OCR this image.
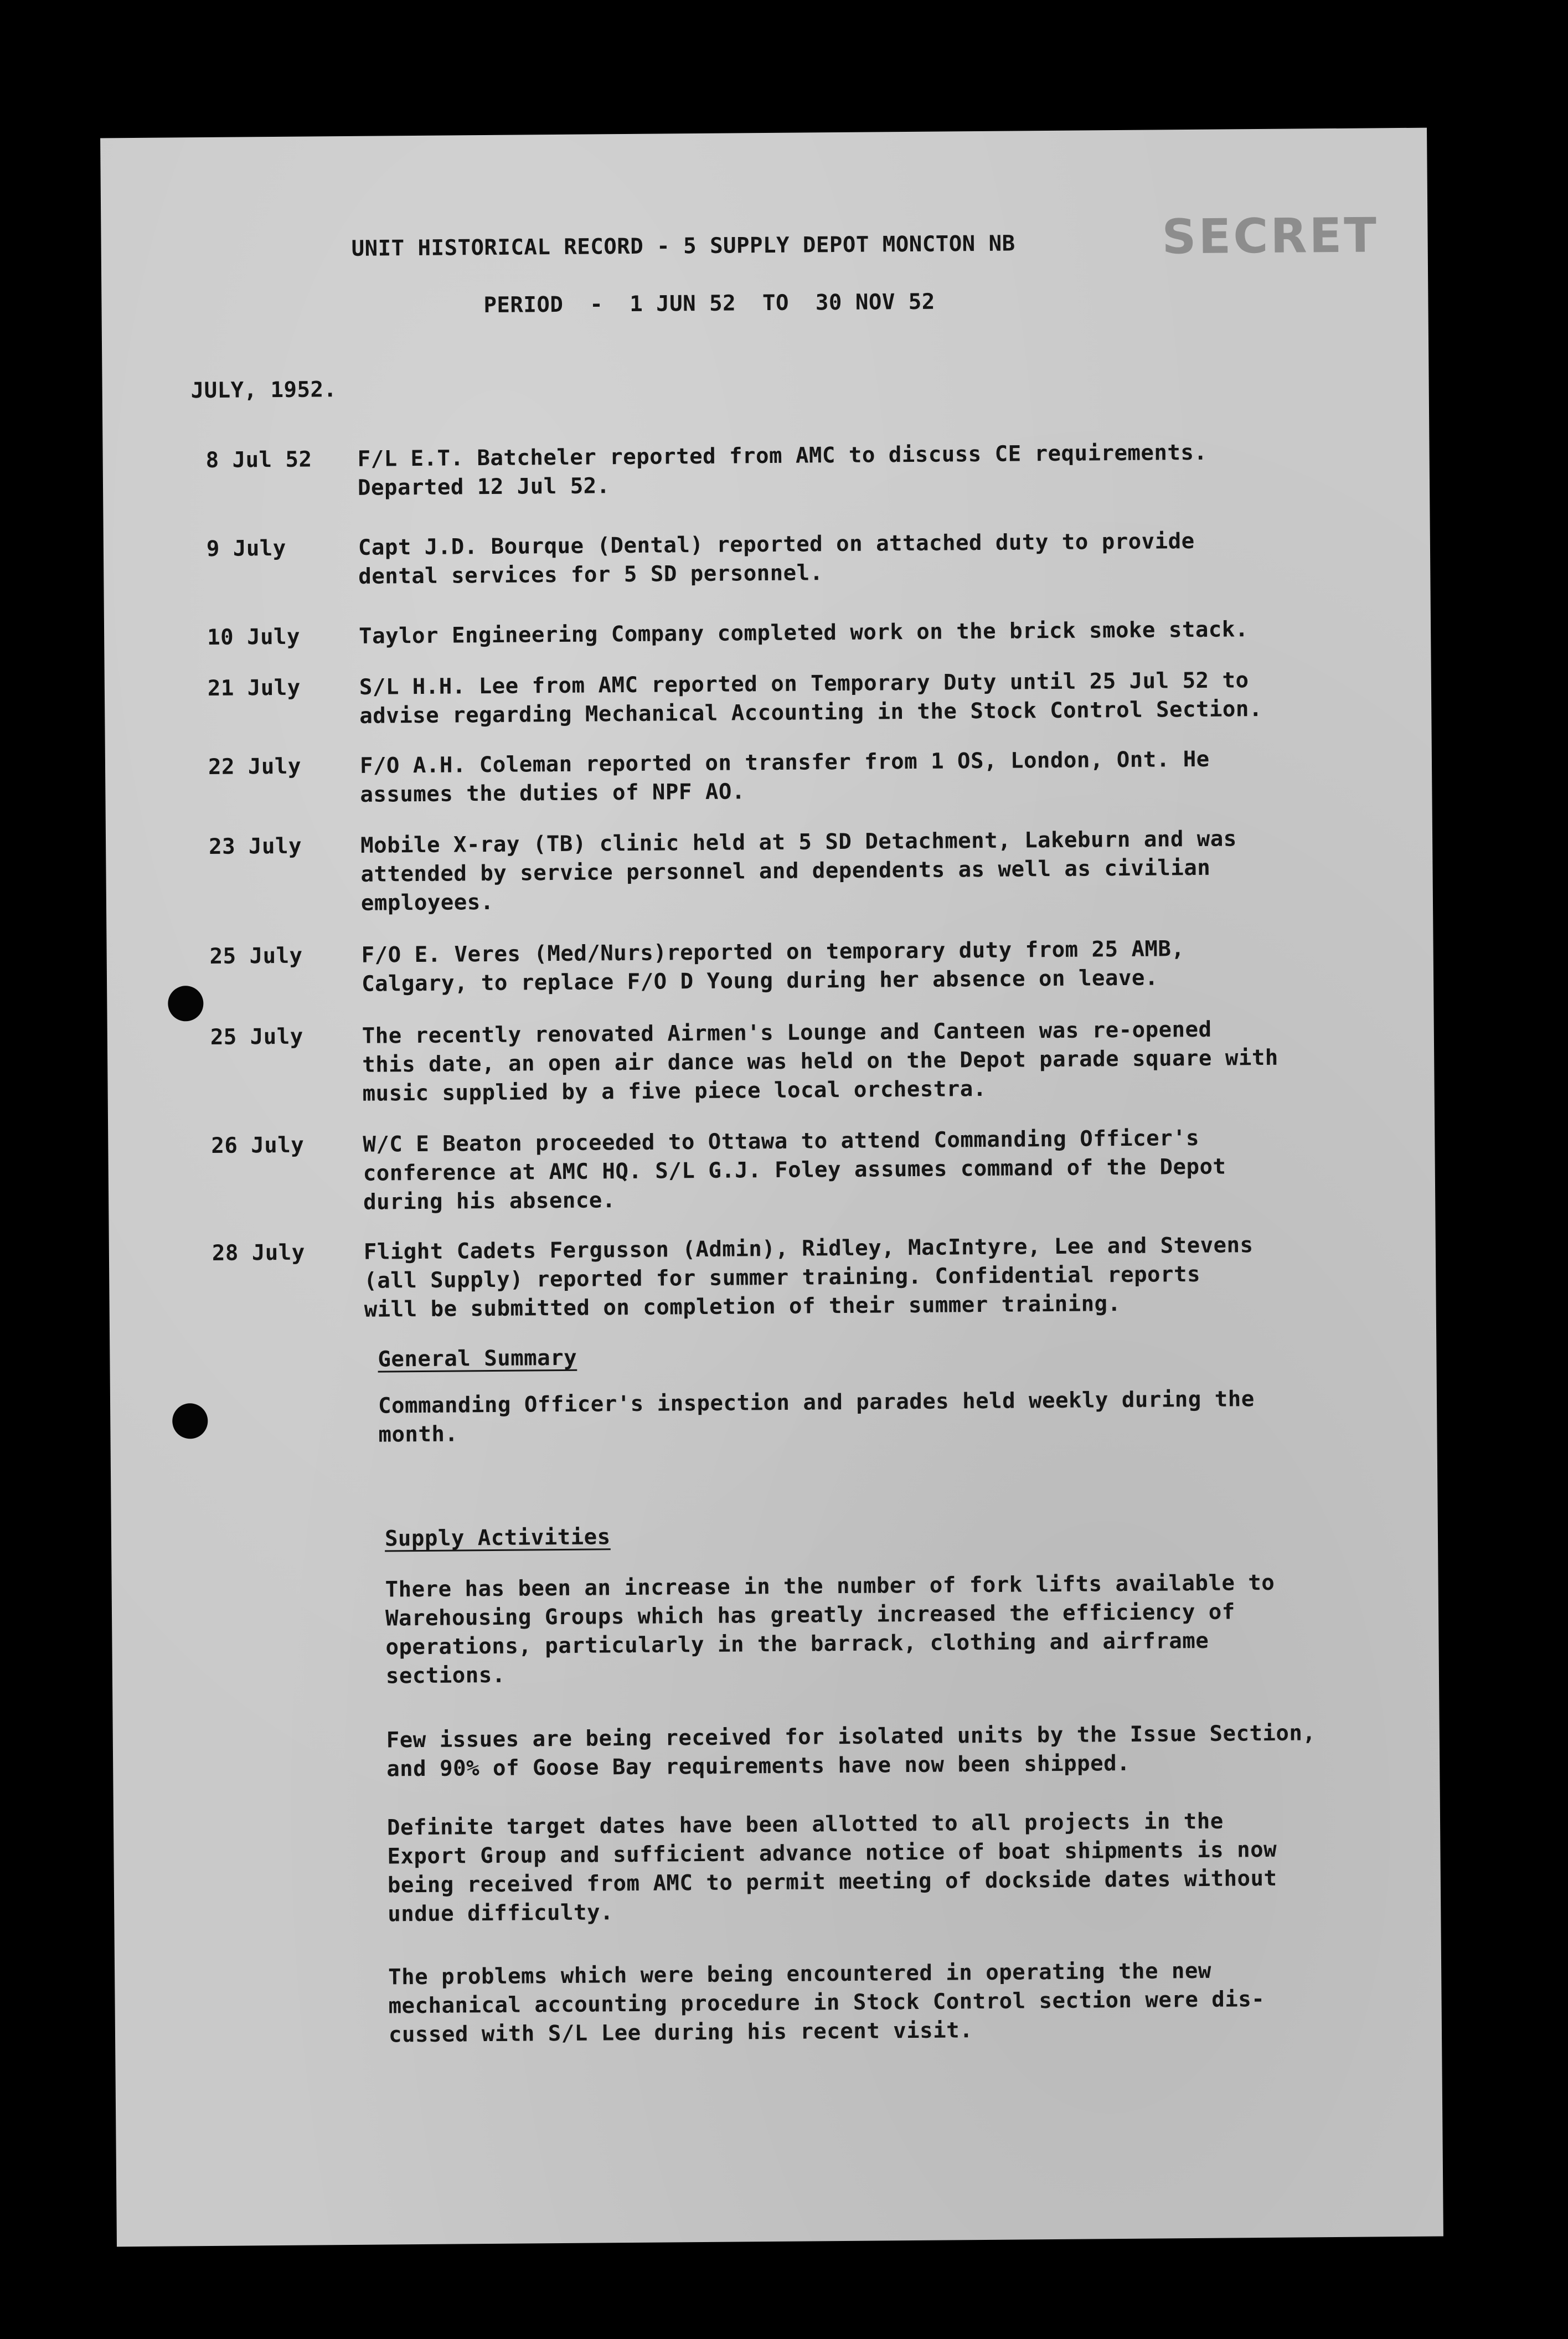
UNIT HISTORICAL RECORD - 5 SUPPLY DEPOT MONCTON NB	SECRET
PERIOD  -  1 JUN 52  TO  30 NOV 52
JULY, 1952.
8 Jul 52 F/L E.T. Batcheler reported from AMC to discuss CE requirements.
Departed 12 Jul 52.
9 July	Capt J.D. Bourque (Dental) reported on attached duty to provide
dental services for 5 SD personnel.
10 July	Taylor Engineering Company completed work on the brick smoke stack.
21 July	S/L H.H. Lee from AMC reported on Temporary Duty until 25 Jul 52 to
advise regarding Mechanical Accounting in the Stock Control Section.
22 July	F/O A.H. Coleman reported on transfer from 1 OS, London, Ont. He
assumes the duties of NPF AO.
23 July	Mobile X-ray (TB) clinic held at 5 SD Detachment, Lakeburn and was
attended by service personnel and dependents as well as civilian
employees.
25 July	F/O E. Veres (Med/Nurs)reported on temporary duty from 25 AMB,
Calgary, to replace F/O D Young during her absence on leave.
25 July	The recently renovated Airmen's Lounge and Canteen was re-opened
this date, an open air dance was held on the Depot parade square with
music supplied by a five piece local orchestra.
26 July	W/C E Beaton proceeded to Ottawa to attend Commanding Officer's
conference at AMC HQ. S/L G.J. Foley assumes command of the Depot
during his absence.
28 July	Flight Cadets Fergusson (Admin), Ridley, MacIntyre, Lee and Stevens
(all Supply) reported for summer training. Confidential reports
will be submitted on completion of their summer training.
General Summary
Commanding Officer's inspection and parades held weekly during the
month.
Supply Activities
There has been an increase in the number of fork lifts available to
Warehousing Groups which has greatly increased the efficiency of
operations, particularly in the barrack, clothing and airframe
sections.
Few issues are being received for isolated units by the Issue Section,
and 90% of Goose Bay requirements have now been shipped.
Definite target dates have been allotted to all projects in the
Export Group and sufficient advance notice of boat shipments is now
being received from AMC to permit meeting of dockside dates without
undue difficulty.
The problems which were being encountered in operating the new
mechanical accounting procedure in Stock Control section were dis-
cussed with S/L Lee during his recent visit.
